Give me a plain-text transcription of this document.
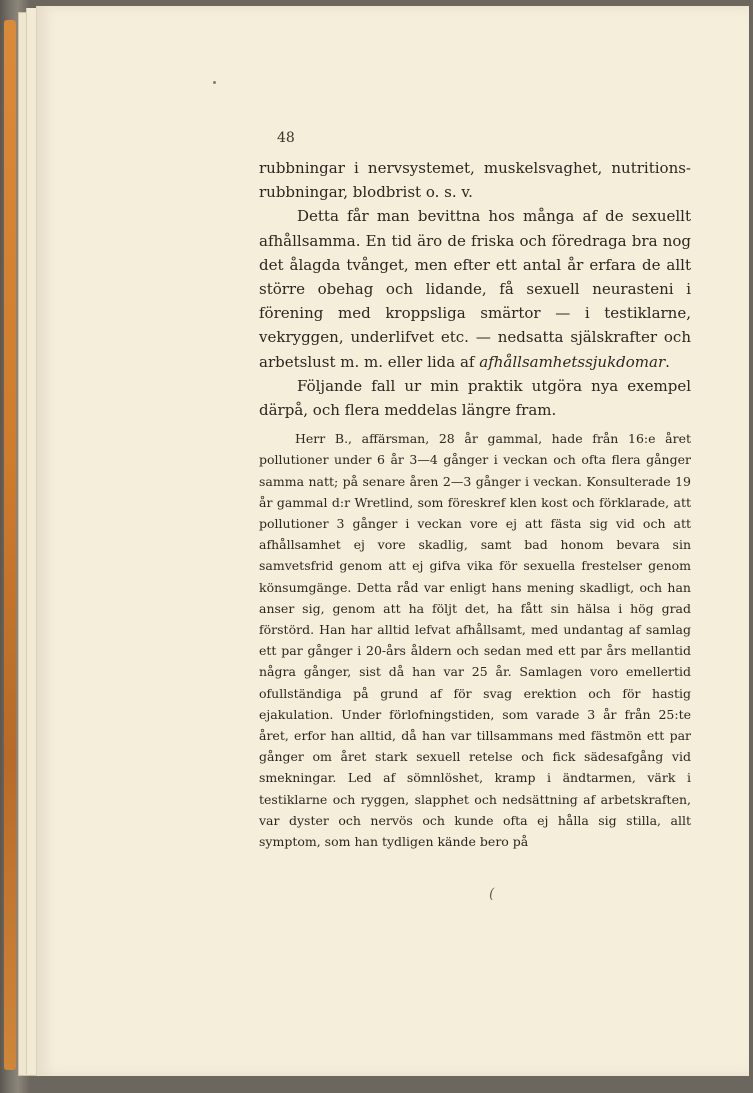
48

rubbningar i nervsystemet, muskelsvaghet, nutritions-rubbningar, blodbrist o. s. v.

Detta får man bevittna hos många af de sexuellt afhållsamma. En tid äro de friska och föredraga bra nog det ålagda tvånget, men efter ett antal år erfara de allt större obehag och lidande, få sexuell neurasteni i förening med kroppsliga smärtor — i testiklarne, vekryggen, underlifvet etc. — nedsatta själskrafter och arbetslust m. m. eller lida af afhållsamhetssjukdomar.

Följande fall ur min praktik utgöra nya exempel därpå, och flera meddelas längre fram.

Herr B., affärsman, 28 år gammal, hade från 16:e året pollutioner under 6 år 3—4 gånger i veckan och ofta flera gånger samma natt; på senare åren 2—3 gånger i veckan. Konsulterade 19 år gammal d:r Wretlind, som föreskref klen kost och förklarade, att pollutioner 3 gånger i veckan vore ej att fästa sig vid och att afhållsamhet ej vore skadlig, samt bad honom bevara sin samvetsfrid genom att ej gifva vika för sexuella frestelser genom könsumgänge. Detta råd var enligt hans mening skadligt, och han anser sig, genom att ha följt det, ha fått sin hälsa i hög grad förstörd. Han har alltid lefvat afhållsamt, med undantag af samlag ett par gånger i 20-års åldern och sedan med ett par års mellantid några gånger, sist då han var 25 år. Samlagen voro emellertid ofullständiga på grund af för svag erektion och för hastig ejakulation. Under förlofningstiden, som varade 3 år från 25:te året, erfor han alltid, då han var tillsammans med fästmön ett par gånger om året stark sexuell retelse och fick sädesafgång vid smekningar. Led af sömnlöshet, kramp i ändtarmen, värk i testiklarne och ryggen, slapphet och nedsättning af arbetskraften, var dyster och nervös och kunde ofta ej hålla sig stilla, allt symptom, som han tydligen kände bero på

(
